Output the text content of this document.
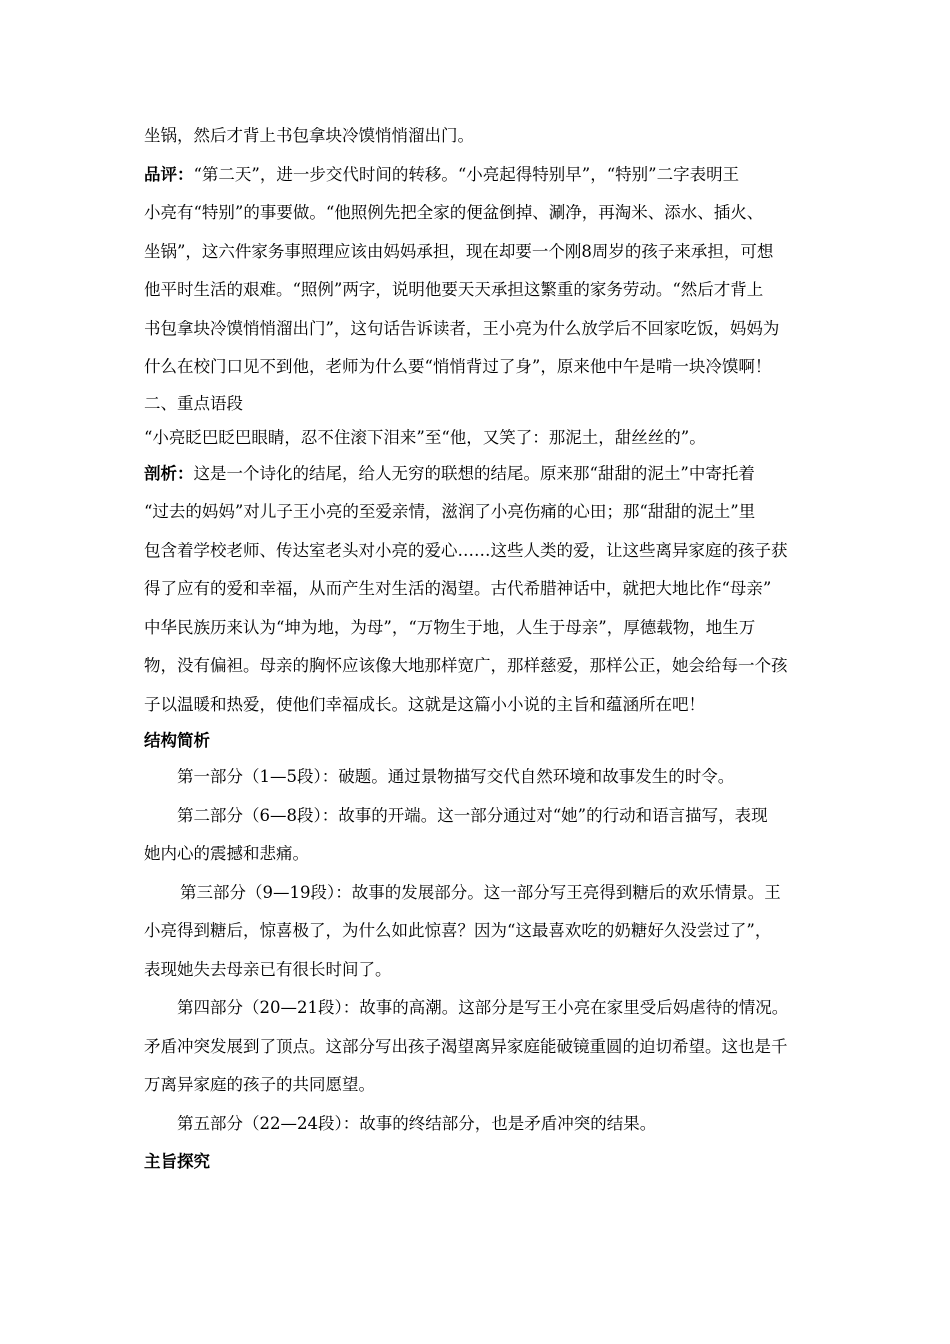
坐锅，然后才背上书包拿块冷馍悄悄溜出门。
品评：“第二天”，进一步交代时间的转移。“小亮起得特别早”，“特别”二字表明王
小亮有“特别”的事要做。“他照例先把全家的便盆倒掉、涮净，再淘米、添水、插火、
坐锅”，这六件家务事照理应该由妈妈承担，现在却要一个刚8周岁的孩子来承担，可想
他平时生活的艰难。“照例”两字，说明他要天天承担这繁重的家务劳动。“然后才背上
书包拿块冷馍悄悄溜出门”，这句话告诉读者，王小亮为什么放学后不回家吃饭，妈妈为
什么在校门口见不到他，老师为什么要“悄悄背过了身”，原来他中午是啃一块冷馍啊！
二、重点语段
“小亮眨巴眨巴眼睛，忍不住滚下泪来”至“他，又笑了：那泥土，甜丝丝的”。
剖析：这是一个诗化的结尾，给人无穷的联想的结尾。原来那“甜甜的泥土”中寄托着
“过去的妈妈”对儿子王小亮的至爱亲情，滋润了小亮伤痛的心田；那“甜甜的泥土”里
包含着学校老师、传达室老头对小亮的爱心……这些人类的爱，让这些离异家庭的孩子获
得了应有的爱和幸福，从而产生对生活的渴望。古代希腊神话中，就把大地比作“母亲”
中华民族历来认为“坤为地，为母”，“万物生于地，人生于母亲”，厚德载物，地生万
物，没有偏袒。母亲的胸怀应该像大地那样宽广，那样慈爱，那样公正，她会给每一个孩
子以温暖和热爱，使他们幸福成长。这就是这篇小小说的主旨和蕴涵所在吧！
结构简析
第一部分（1—5段）：破题。通过景物描写交代自然环境和故事发生的时令。
第二部分（6—8段）：故事的开端。这一部分通过对“她”的行动和语言描写，表现
她内心的震撼和悲痛。
第三部分（9—19段）：故事的发展部分。这一部分写王亮得到糖后的欢乐情景。王
小亮得到糖后，惊喜极了，为什么如此惊喜？因为“这最喜欢吃的奶糖好久没尝过了”，
表现她失去母亲已有很长时间了。
第四部分（20—21段）：故事的高潮。这部分是写王小亮在家里受后妈虐待的情况。
矛盾冲突发展到了顶点。这部分写出孩子渴望离异家庭能破镜重圆的迫切希望。这也是千
万离异家庭的孩子的共同愿望。
第五部分（22—24段）：故事的终结部分，也是矛盾冲突的结果。
主旨探究
